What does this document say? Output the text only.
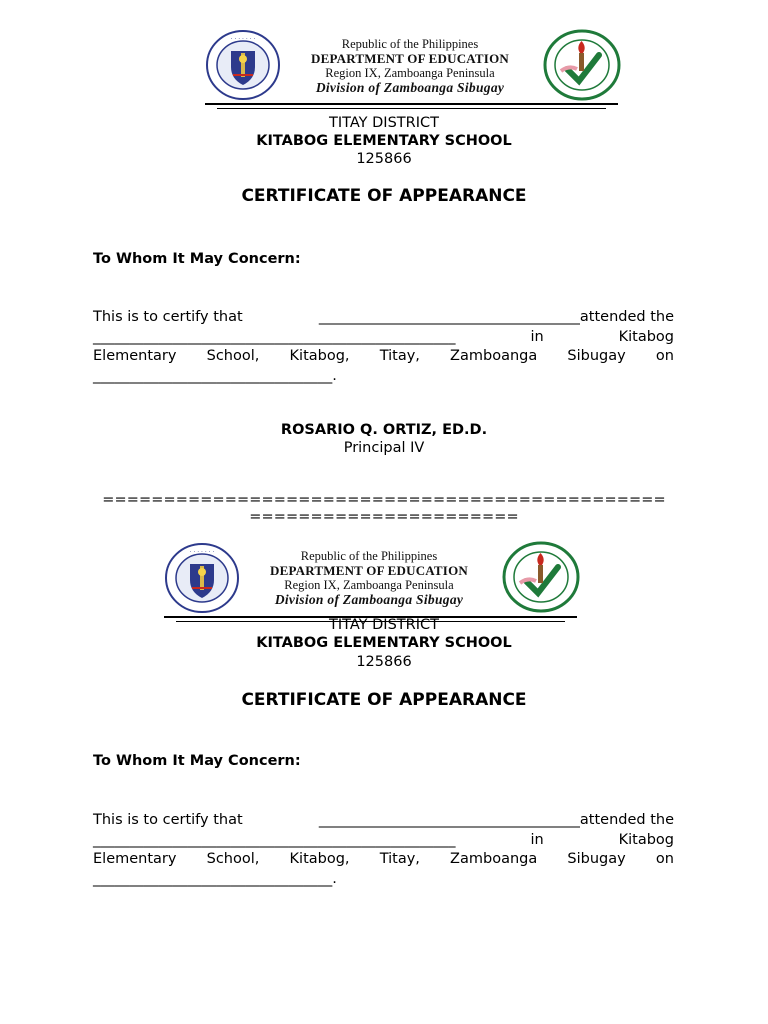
· · · · · · ·	Republic of the Philippines
DEPARTMENT OF EDUCATION
Region IX, Zamboanga Peninsula
Division of Zamboanga Sibugay
TITAY DISTRICT
KITABOG ELEMENTARY SCHOOL
125866
CERTIFICATE OF APPEARANCE
To Whom It May Concern:
This is to certify that	____________________________________attended the
__________________________________________________	in	Kitabog
Elementary School, Kitabog, Titay, Zamboanga Sibugay on
_________________________________.
ROSARIO Q. ORTIZ, ED.D.
Principal IV
==============================================
======================
· · · · · · ·	Republic of the Philippines
DEPARTMENT OF EDUCATION
Region IX, Zamboanga Peninsula
Division of Zamboanga Sibugay
TITAY DISTRICT
KITABOG ELEMENTARY SCHOOL
125866
CERTIFICATE OF APPEARANCE
To Whom It May Concern:
This is to certify that	____________________________________attended the
__________________________________________________	in	Kitabog
Elementary School, Kitabog, Titay, Zamboanga Sibugay on
_________________________________.
